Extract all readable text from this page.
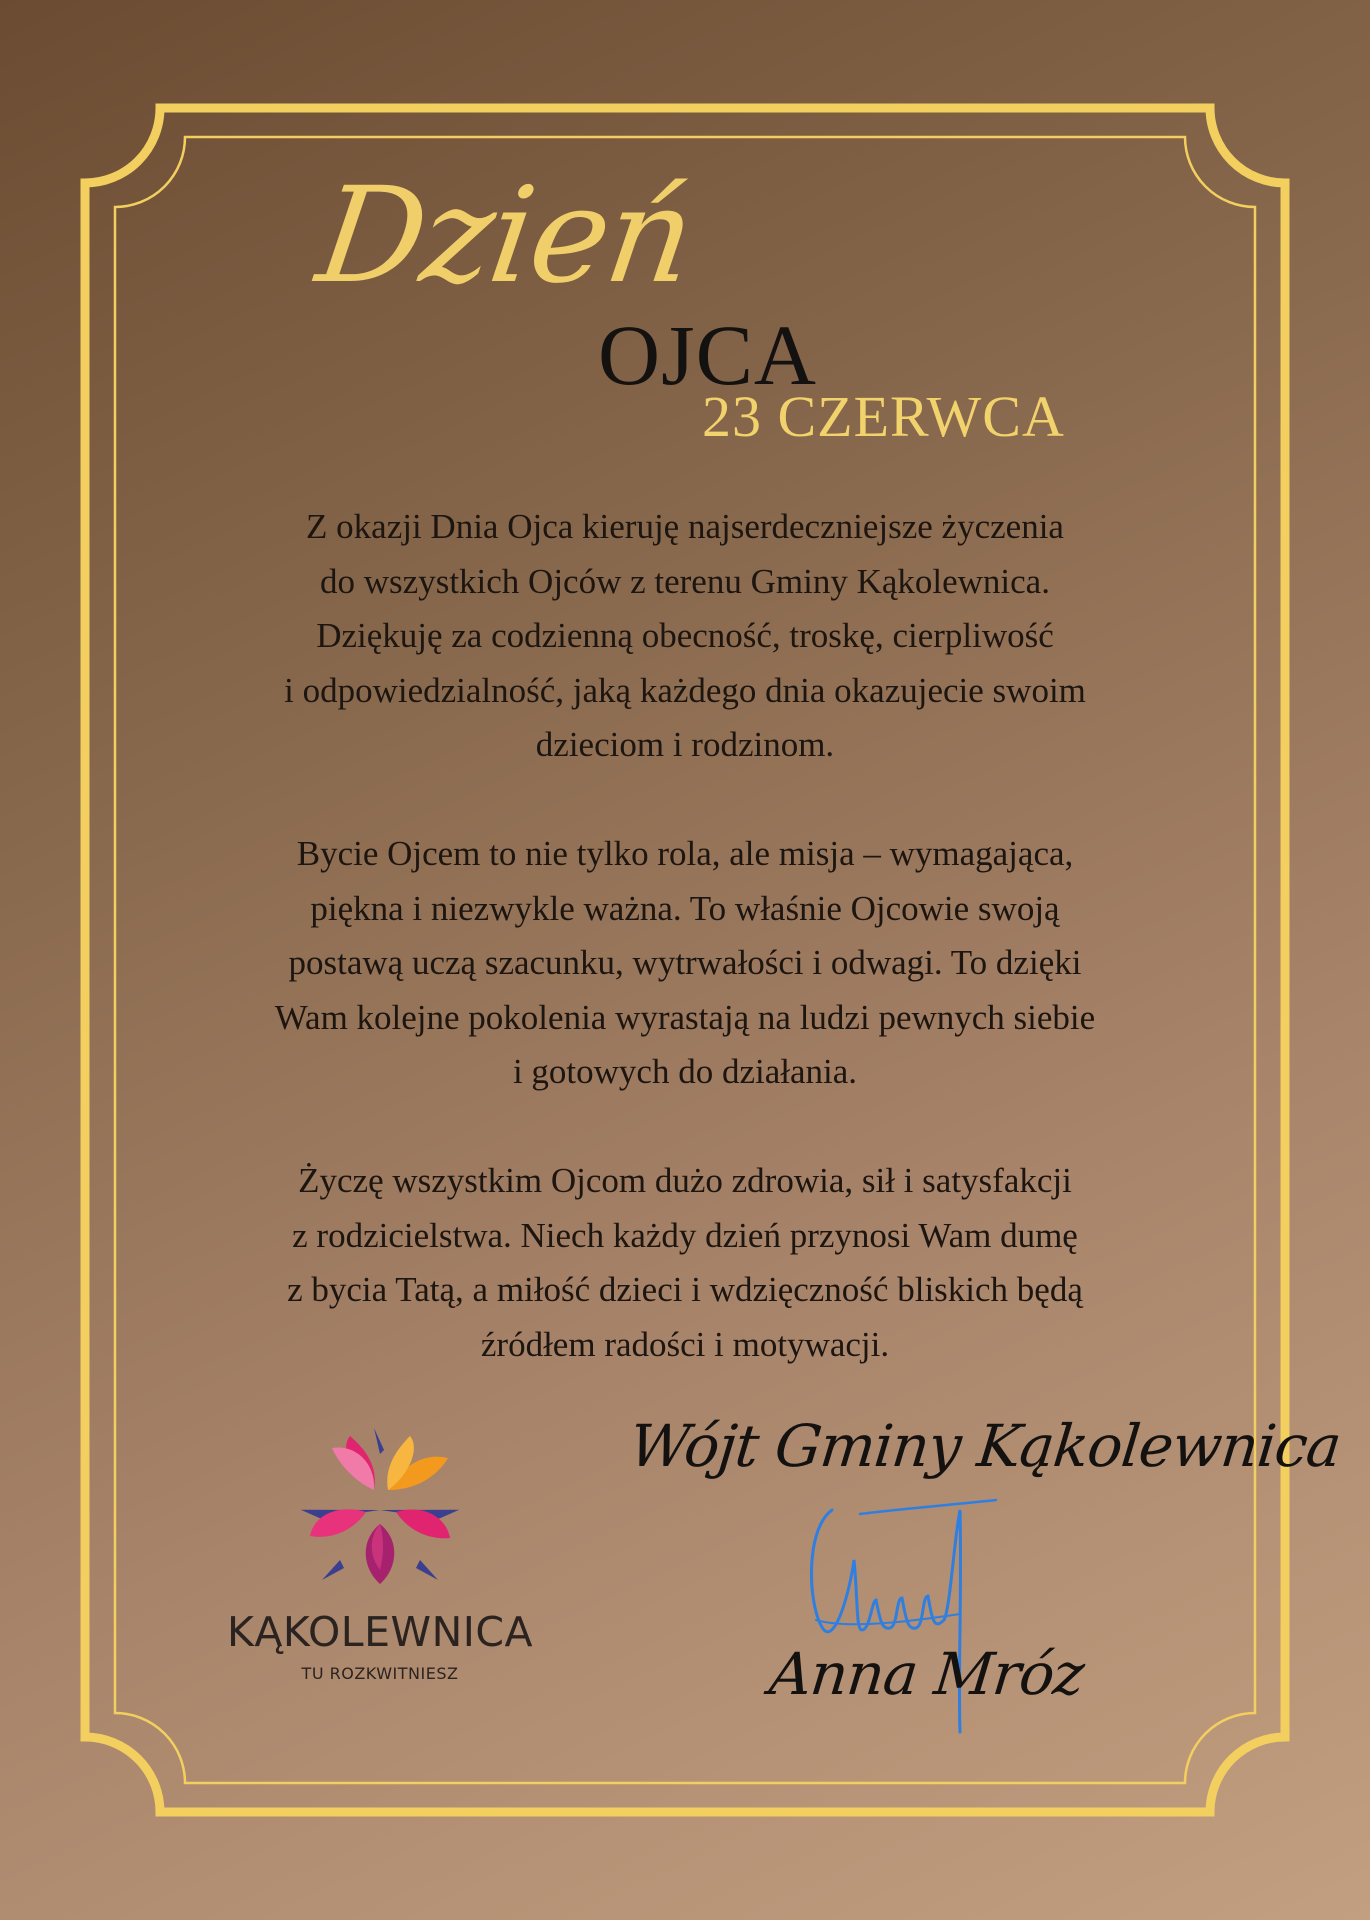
Dzień
OJCA
23 CZERWCA

Z okazji Dnia Ojca kieruję najserdeczniejsze życzenia
do wszystkich Ojców z terenu Gminy Kąkolewnica.
Dziękuję za codzienną obecność, troskę, cierpliwość
i odpowiedzialność, jaką każdego dnia okazujecie swoim
dzieciom i rodzinom.

Bycie Ojcem to nie tylko rola, ale misja – wymagająca,
piękna i niezwykle ważna. To właśnie Ojcowie swoją
postawą uczą szacunku, wytrwałości i odwagi. To dzięki
Wam kolejne pokolenia wyrastają na ludzi pewnych siebie
i gotowych do działania.

Życzę wszystkim Ojcom dużo zdrowia, sił i satysfakcji
z rodzicielstwa. Niech każdy dzień przynosi Wam dumę
z bycia Tatą, a miłość dzieci i wdzięczność bliskich będą
źródłem radości i motywacji.

KĄKOLEWNICA
TU ROZKWITNIESZ
Wójt Gminy Kąkolewnica
Anna Mróz
